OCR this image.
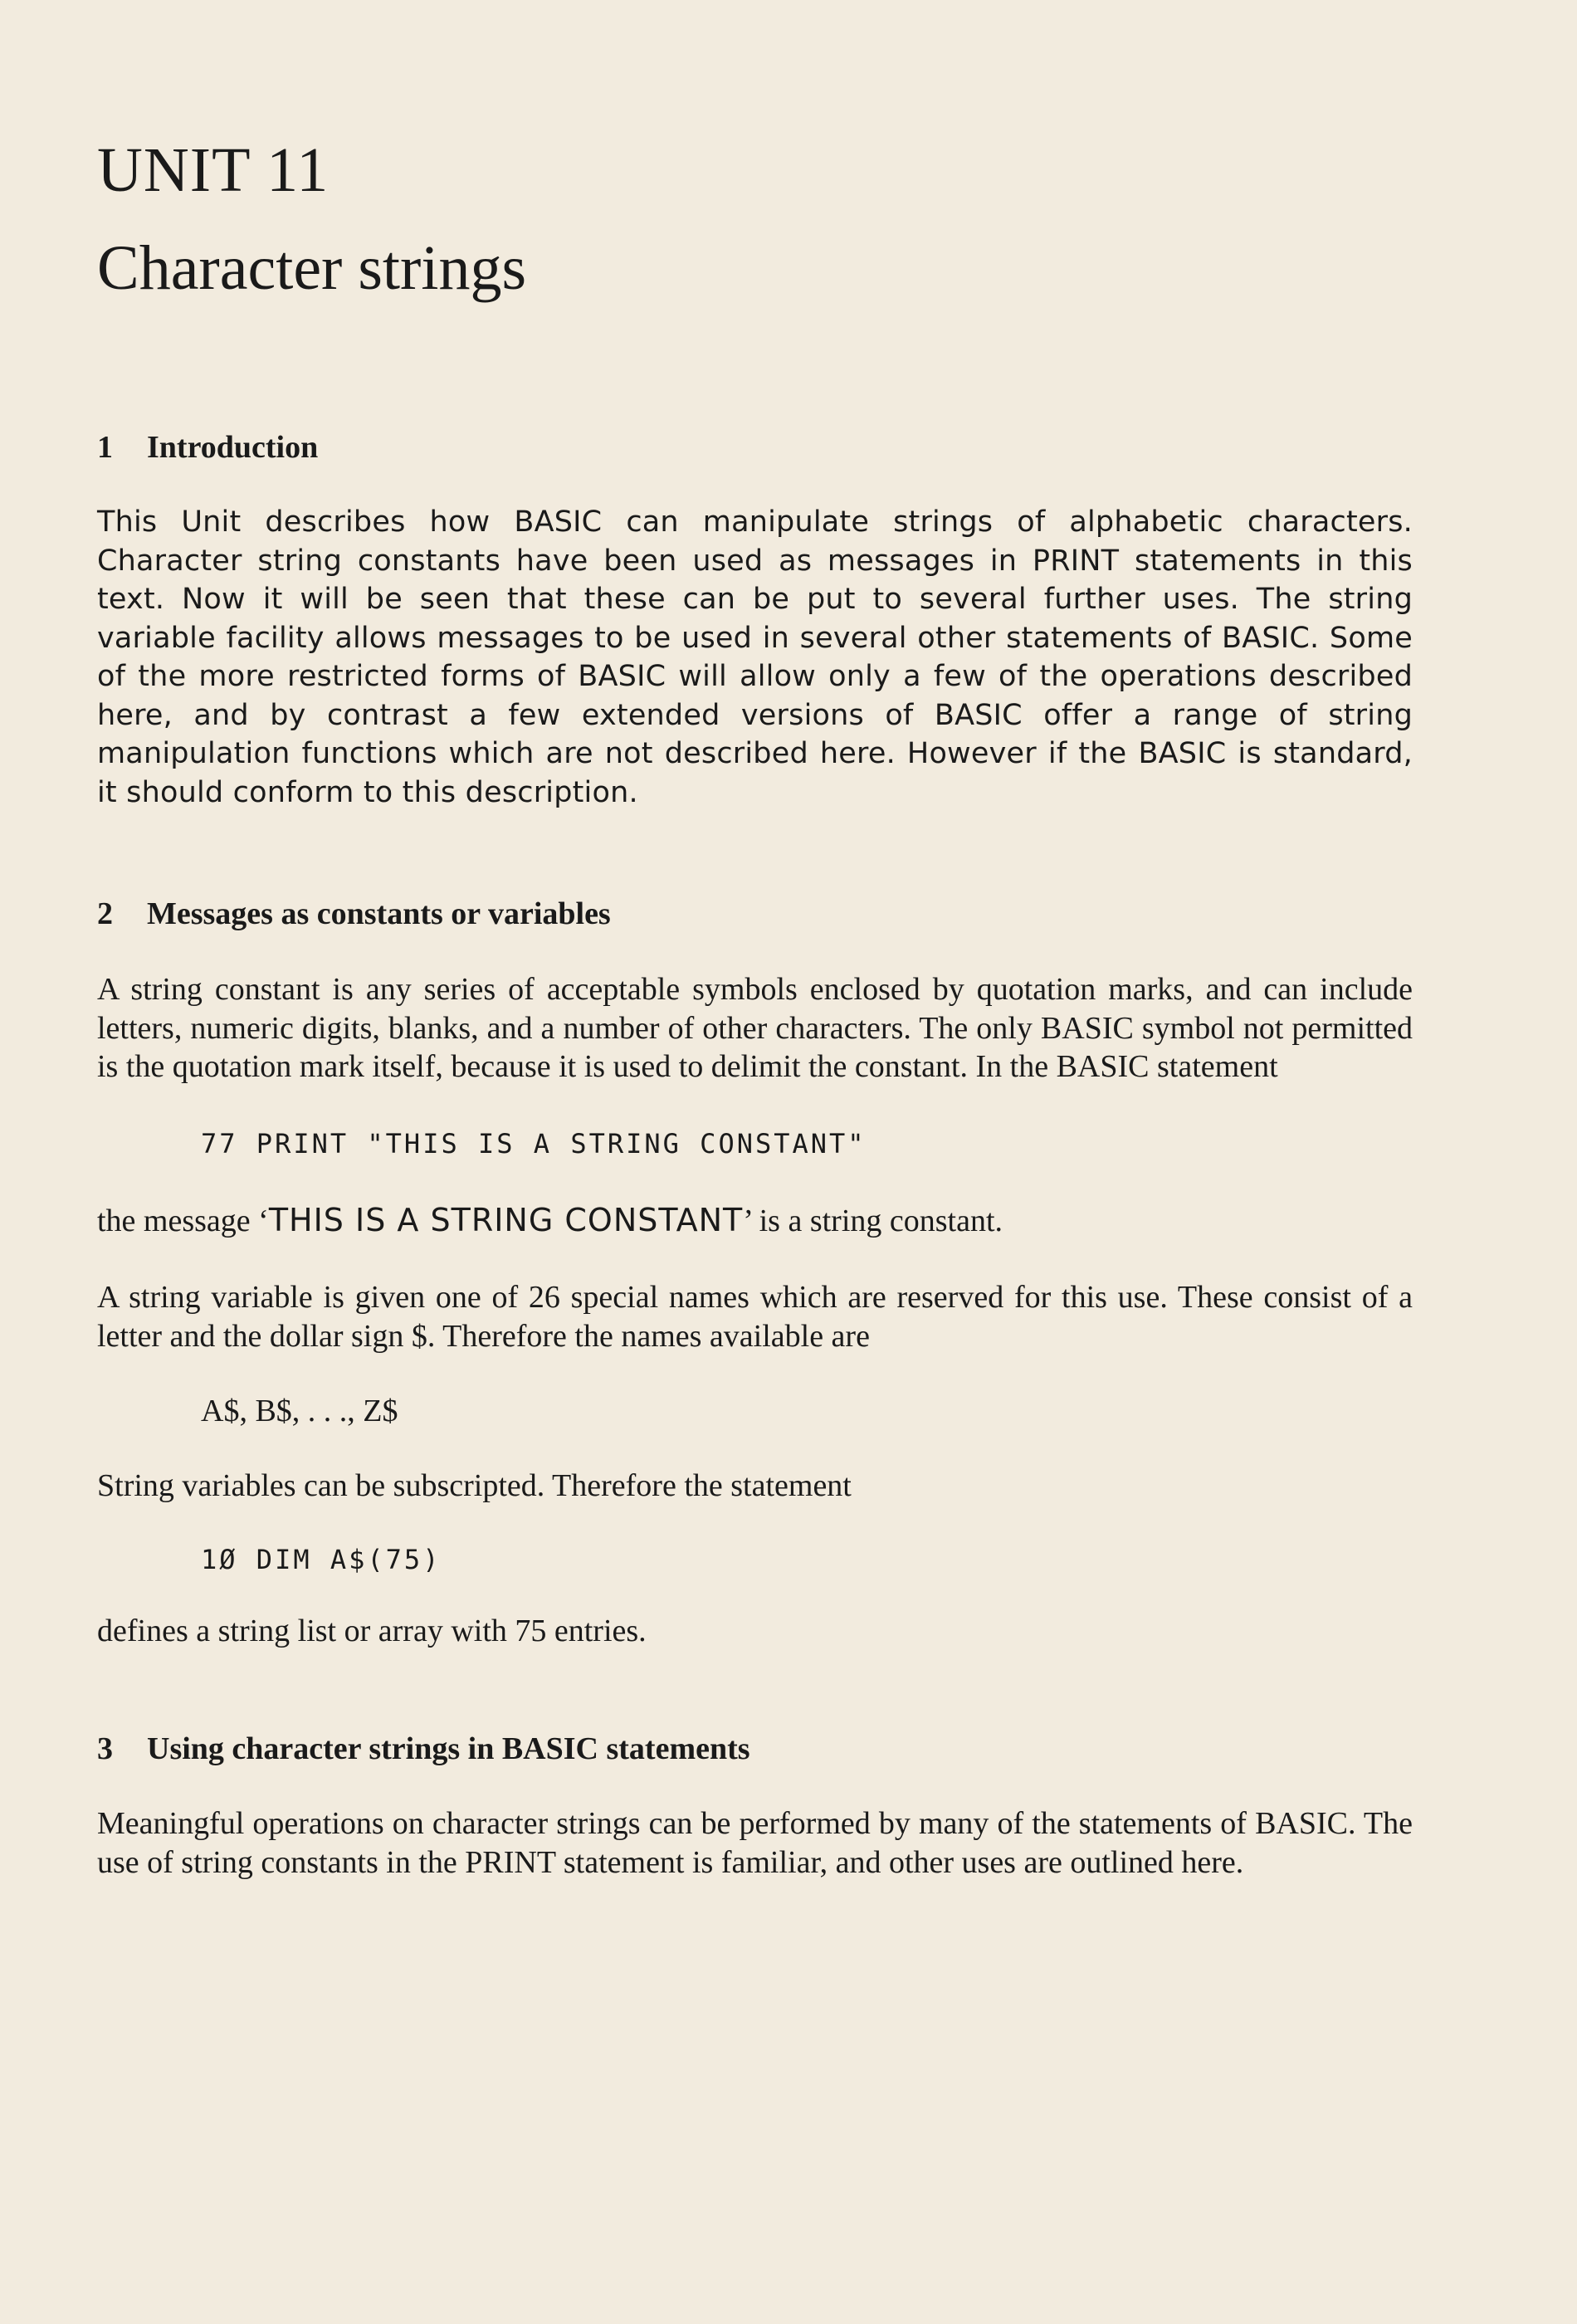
UNIT 11
Character strings
1 Introduction

This Unit describes how BASIC can manipulate strings of alphabetic characters. Character string constants have been used as messages in PRINT statements in this text. Now it will be seen that these can be put to several further uses. The string variable facility allows messages to be used in several other statements of BASIC. Some of the more restricted forms of BASIC will allow only a few of the operations described here, and by contrast a few extended versions of BASIC offer a range of string manipulation functions which are not described here. However if the BASIC is standard, it should conform to this description.

2 Messages as constants or variables

A string constant is any series of acceptable symbols enclosed by quotation marks, and can include letters, numeric digits, blanks, and a number of other characters. The only BASIC symbol not permitted is the quotation mark itself, because it is used to delimit the constant. In the BASIC statement

77 PRINT "THIS IS A STRING CONSTANT"

the message ‘THIS IS A STRING CONSTANT’ is a string constant.

A string variable is given one of 26 special names which are reserved for this use. These consist of a letter and the dollar sign $. Therefore the names available are

A$, B$, . . ., Z$

String variables can be subscripted. Therefore the statement

1Ø DIM A$(75)

defines a string list or array with 75 entries.

3 Using character strings in BASIC statements

Meaningful operations on character strings can be performed by many of the statements of BASIC. The use of string constants in the PRINT statement is familiar, and other uses are outlined here.
